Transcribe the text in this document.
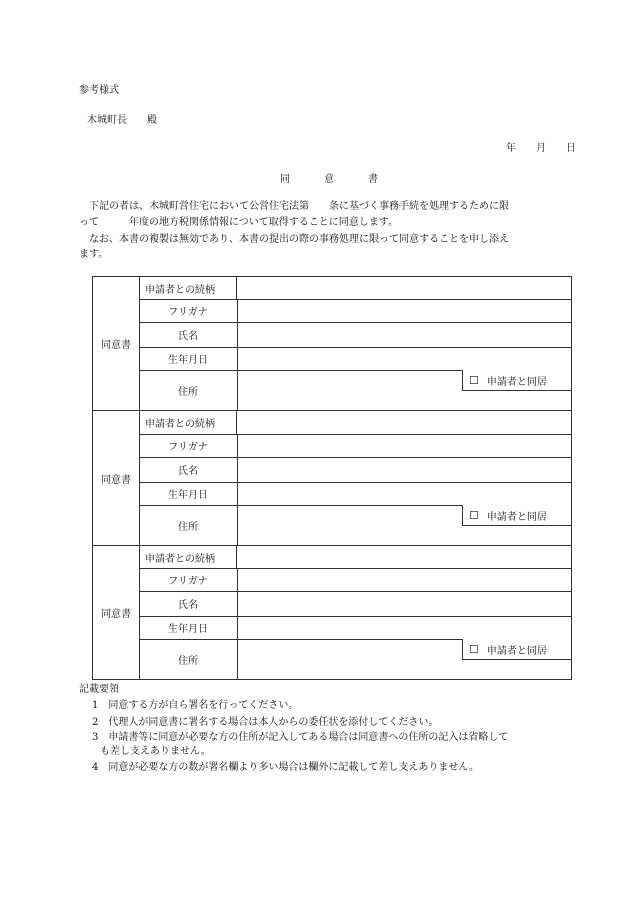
参考様式
木城町長 殿
年 月 日
同	意	書
　下記の者は、木城町営住宅において公営住宅法第　　条に基づく事務手続を処理するために限
って　　　年度の地方税関係情報について取得することに同意します。
　なお、本書の複製は無効であり、本書の提出の際の事務処理に限って同意することを申し添え
ます。
同意書
申請者との続柄
フリガナ
氏名
生年月日
住所
☐ 申請者と同居
同意書
申請者との続柄
フリガナ
氏名
生年月日
住所
☐ 申請者と同居
同意書
申請者との続柄
フリガナ
氏名
生年月日
住所
☐ 申請者と同居
記載要領
1　同意する方が自ら署名を行ってください。
2　代理人が同意書に署名する場合は本人からの委任状を添付してください。
3　申請書等に同意が必要な方の住所が記入してある場合は同意書への住所の記入は省略して
も差し支えありません。
4　同意が必要な方の数が署名欄より多い場合は欄外に記載して差し支えありません。
